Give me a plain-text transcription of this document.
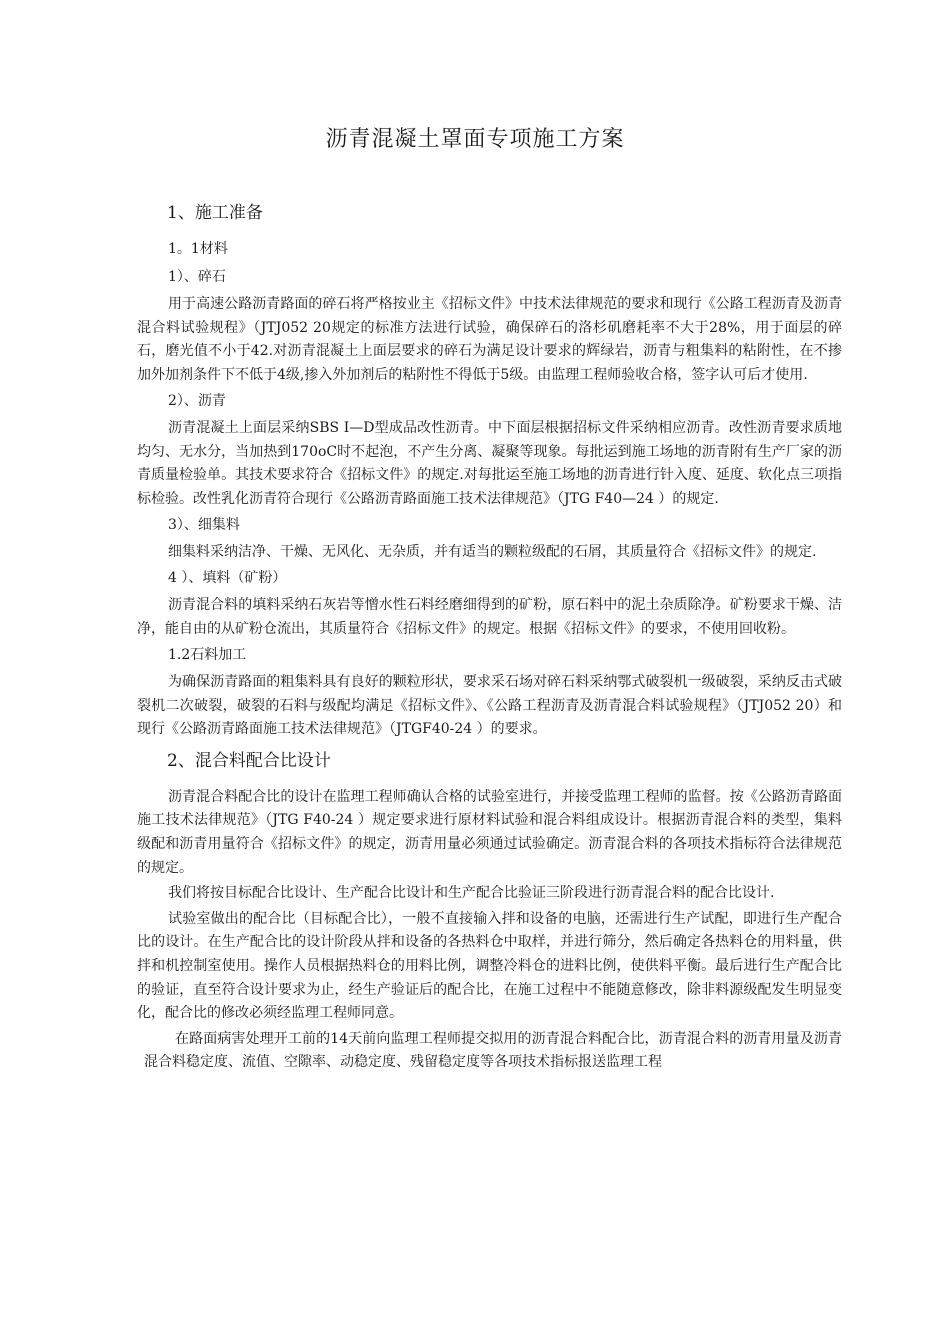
沥青混凝土罩面专项施工方案
1、施工准备
1。1材料
1）、碎石

用于高速公路沥青路面的碎石将严格按业主《招标文件》中技术法律规范的要求和现行《公路工程沥青及沥青混合料试验规程》（JTJ052 20规定的标准方法进行试验，确保碎石的洛杉矶磨耗率不大于28%，用于面层的碎石，磨光值不小于42.对沥青混凝土上面层要求的碎石为满足设计要求的辉绿岩，沥青与粗集料的粘附性，在不掺加外加剂条件下不低于4级,掺入外加剂后的粘附性不得低于5级。由监理工程师验收合格，签字认可后才使用.

2）、沥青

沥青混凝土上面层采纳SBS I—D型成品改性沥青。中下面层根据招标文件采纳相应沥青。改性沥青要求质地均匀、无水分，当加热到170oC时不起泡，不产生分离、凝聚等现象。每批运到施工场地的沥青附有生产厂家的沥青质量检验单。其技术要求符合《招标文件》的规定.对每批运至施工场地的沥青进行针入度、延度、软化点三项指标检验。改性乳化沥青符合现行《公路沥青路面施工技术法律规范》（JTG F40—24 ）的规定.

3）、细集料

细集料采纳洁净、干燥、无风化、无杂质，并有适当的颗粒级配的石屑，其质量符合《招标文件》的规定.

4 ）、填料（矿粉）

沥青混合料的填料采纳石灰岩等憎水性石料经磨细得到的矿粉，原石料中的泥土杂质除净。矿粉要求干燥、洁净，能自由的从矿粉仓流出，其质量符合《招标文件》的规定。根据《招标文件》的要求，不使用回收粉。

1.2石料加工

为确保沥青路面的粗集料具有良好的颗粒形状，要求采石场对碎石料采纳鄂式破裂机一级破裂，采纳反击式破裂机二次破裂，破裂的石料与级配均满足《招标文件》、《公路工程沥青及沥青混合料试验规程》（JTJ052 20）和现行《公路沥青路面施工技术法律规范》（JTGF40-24 ）的要求。

2、混合料配合比设计

沥青混合料配合比的设计在监理工程师确认合格的试验室进行，并接受监理工程师的监督。按《公路沥青路面施工技术法律规范》（JTG F40-24 ）规定要求进行原材料试验和混合料组成设计。根据沥青混合料的类型，集料级配和沥青用量符合《招标文件》的规定，沥青用量必须通过试验确定。沥青混合料的各项技术指标符合法律规范的规定。

我们将按目标配合比设计、生产配合比设计和生产配合比验证三阶段进行沥青混合料的配合比设计.

试验室做出的配合比（目标配合比），一般不直接输入拌和设备的电脑，还需进行生产试配，即进行生产配合比的设计。在生产配合比的设计阶段从拌和设备的各热料仓中取样，并进行筛分，然后确定各热料仓的用料量，供拌和机控制室使用。操作人员根据热料仓的用料比例，调整冷料仓的进料比例，使供料平衡。最后进行生产配合比的验证，直至符合设计要求为止，经生产验证后的配合比，在施工过程中不能随意修改，除非料源级配发生明显变化，配合比的修改必须经监理工程师同意。

在路面病害处理开工前的14天前向监理工程师提交拟用的沥青混合料配合比，沥青混合料的沥青用量及沥青混合料稳定度、流值、空隙率、动稳定度、残留稳定度等各项技术指标报送监理工程
